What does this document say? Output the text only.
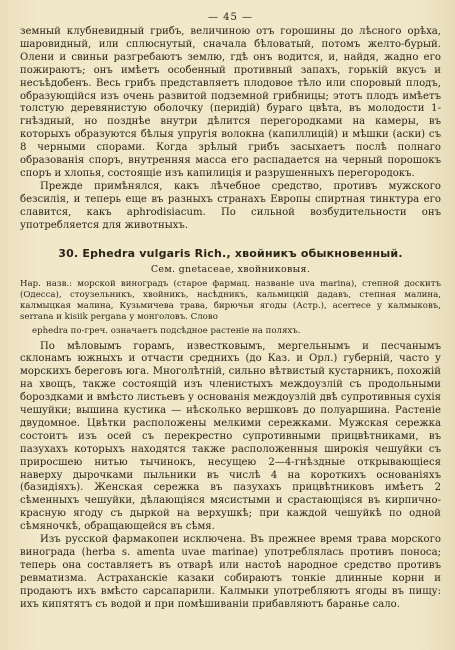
— 45 —

земный клубневидный грибъ, величиною отъ горошины до лѣсного орѣха, шаровидный, или сплюснутый, сначала бѣловатый, потомъ желто-бурый. Олени и свиньи разгребаютъ землю, гдѣ онъ водится, и, найдя, жадно его пожираютъ; онъ имѣетъ особенный противный запахъ, горькій вкусъ и несъѣдобенъ. Весь грибъ представляетъ плодовое тѣло или споровый плодъ, образующійся изъ очень развитой подземной грибницы; этотъ плодъ имѣетъ толстую деревянистую оболочку (перидій) бураго цвѣта, въ молодости 1-гнѣздный, но позднѣе внутри дѣлится перегородками на камеры, въ которыхъ образуются бѣлыя упругія волокна (капиллицій) и мѣшки (аски) съ 8 черными спорами. Когда зрѣлый грибъ засыхаетъ послѣ полнаго образованія споръ, внутренняя масса его распадается на черный порошокъ споръ и хлопья, состоящіе изъ капилиція и разрушенныхъ перегородокъ.

Прежде примѣнялся, какъ лѣчебное средство, противъ мужского безсилія, и теперь еще въ разныхъ странахъ Европы спиртная тинктура его славится, какъ aphrodisiacum. По сильной возбудительности онъ употребляется для животныхъ.

30. Ephedra vulgaris Rich., хвойникъ обыкновенный.
Сем. gnetaceae, хвойниковыя.
Нар. назв.: морской виноградъ (старое фармац. названіе uva marina), степной доскитъ (Одесса), стоузельникъ, хвойникъ, насѣдникъ, кальмицкій дадавъ, степная малина, калмыцкая малина, Кузьмичева трава, бирючьи ягоды (Астр.), acerrece у калмыковъ, serrana и kisiik pergana у монголовъ. Слово
ephedra по-греч. означаетъ подсѣдное растеніе на поляхъ.

По мѣловымъ горамъ, известковымъ, мергельнымъ и песчанымъ склонамъ южныхъ и отчасти среднихъ (до Каз. и Орл.) губерній, часто у морскихъ береговъ юга. Многолѣтній, сильно вѣтвистый кустарникъ, похожій на хвощъ, также состоящій изъ членистыхъ междоузлій съ продольными бороздками и вмѣсто листьевъ у основанія междоузлій двѣ супротивныя сухія чешуйки; вышина кустика — нѣсколько вершковъ до полуаршина. Растеніе двудомное. Цвѣтки расположены мелкими сережками. Мужская сережка состоитъ изъ осей съ перекрестно супротивными прицвѣтниками, въ пазухахъ которыхъ находятся также расположенныя широкія чешуйки съ приросшею нитью тычинокъ, несущею 2—4-гнѣздные открывающіеся наверху дырочками пыльники въ числѣ 4 на короткихъ основаніяхъ (базидіяхъ). Женская сережка въ пазухахъ прицвѣтниковъ имѣетъ 2 сѣменныхъ чешуйки, дѣлающіяся мясистыми и срастающіяся въ кирпично-красную ягоду съ дыркой на верхушкѣ; при каждой чешуйкѣ по одной сѣмяночкѣ, обращающейся въ сѣмя.

Изъ русской фармакопеи исключена. Въ прежнее время трава морского винограда (herba s. amenta uvae marinae) употреблялась противъ поноса; теперь она составляетъ въ отварѣ или настоѣ народное средство противъ ревматизма. Астраханскіе казаки собираютъ тонкіе длинные корни и продаютъ ихъ вмѣсто сарсапарили. Калмыки употребляютъ ягоды въ пищу: ихъ кипятятъ съ водой и при помѣшиваніи прибавляютъ баранье сало.
